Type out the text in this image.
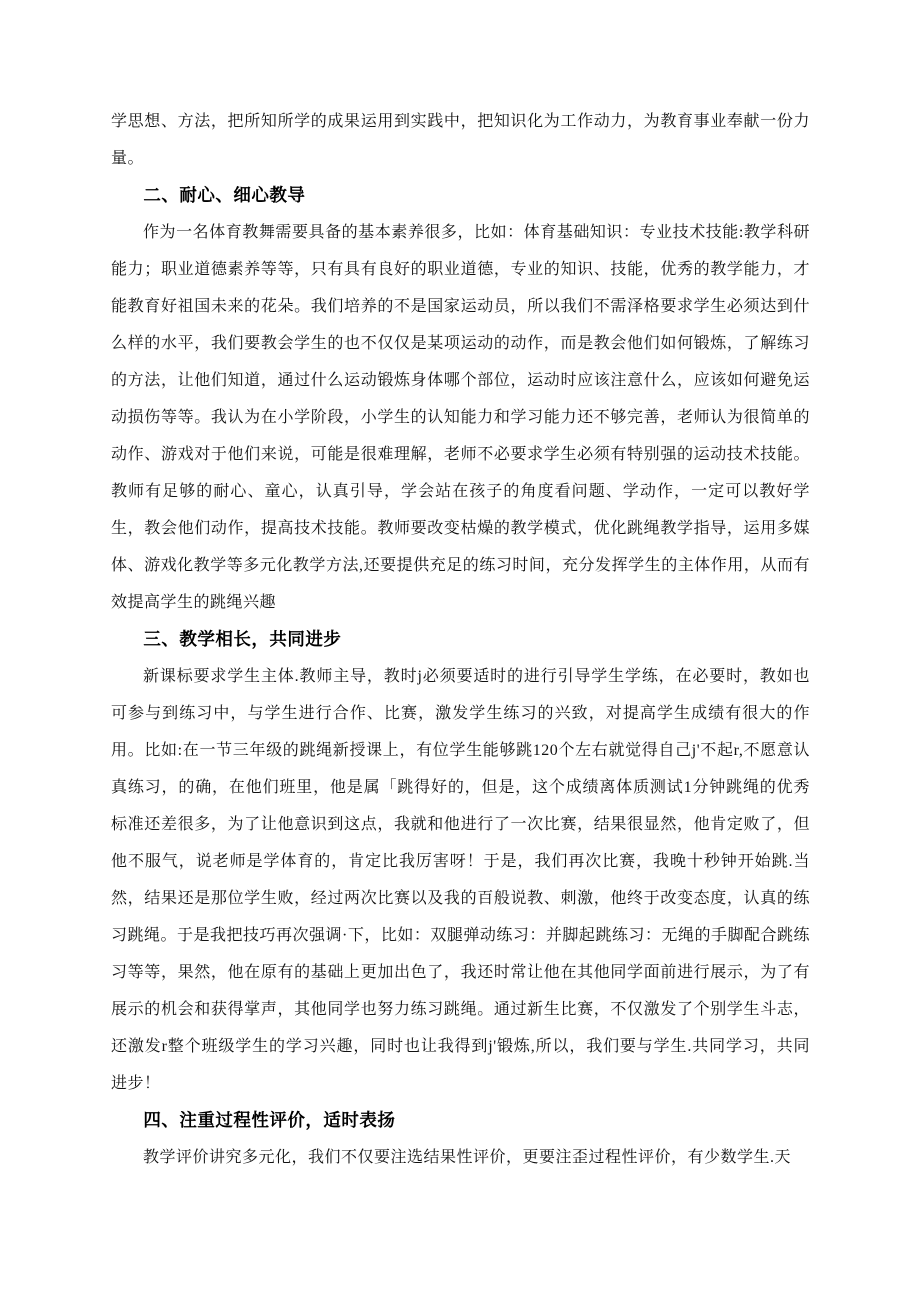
学思想、方法，把所知所学的成果运用到实践中，把知识化为工作动力，为教育事业奉献一份力量。

二、耐心、细心教导

作为一名体育教舞需要具备的基本素养很多，比如：体育基础知识：专业技术技能:教学科研能力；职业道德素养等等，只有具有良好的职业道德，专业的知识、技能，优秀的教学能力，才能教育好祖国未来的花朵。我们培养的不是国家运动员，所以我们不需泽格要求学生必须达到什么样的水平，我们要教会学生的也不仅仅是某项运动的动作，而是教会他们如何锻炼，了解练习的方法，让他们知道，通过什么运动锻炼身体哪个部位，运动时应该注意什么，应该如何避免运动损伤等等。我认为在小学阶段，小学生的认知能力和学习能力还不够完善，老师认为很简单的动作、游戏对于他们来说，可能是很难理解，老师不必要求学生必须有特别强的运动技术技能。教师有足够的耐心、童心，认真引导，学会站在孩子的角度看问题、学动作，一定可以教好学生，教会他们动作，提高技术技能。教师要改变枯燥的教学模式，优化跳绳教学指导，运用多媒体、游戏化教学等多元化教学方法,还要提供充足的练习时间，充分发挥学生的主体作用，从而有效提高学生的跳绳兴趣

三、教学相长，共同进步

新课标要求学生主体.教师主导，教时j必须要适时的进行引导学生学练，在必要时，教如也可参与到练习中，与学生进行合作、比赛，激发学生练习的兴致，对提高学生成绩有很大的作用。比如:在一节三年级的跳绳新授课上，有位学生能够跳120个左右就觉得自己j'不起r,不愿意认真练习，的确，在他们班里，他是属「跳得好的，但是，这个成绩离体质测试1分钟跳绳的优秀标准还差很多，为了让他意识到这点，我就和他进行了一次比赛，结果很显然，他肯定败了，但他不服气，说老师是学体育的，肯定比我厉害呀！于是，我们再次比赛，我晚十秒钟开始跳.当然，结果还是那位学生败，经过两次比赛以及我的百般说教、刺激，他终于改变态度，认真的练习跳绳。于是我把技巧再次强调·下，比如：双腿弹动练习：并脚起跳练习：无绳的手脚配合跳练习等等，果然，他在原有的基础上更加出色了，我还时常让他在其他同学面前进行展示，为了有展示的机会和获得掌声，其他同学也努力练习跳绳。通过新生比赛，不仅激发了个别学生斗志，还激发r整个班级学生的学习兴趣，同时也让我得到j'锻炼,所以，我们要与学生.共同学习，共同进步！

四、注重过程性评价，适时表扬

教学评价讲究多元化，我们不仅要注选结果性评价，更要注歪过程性评价，有少数学生.天
